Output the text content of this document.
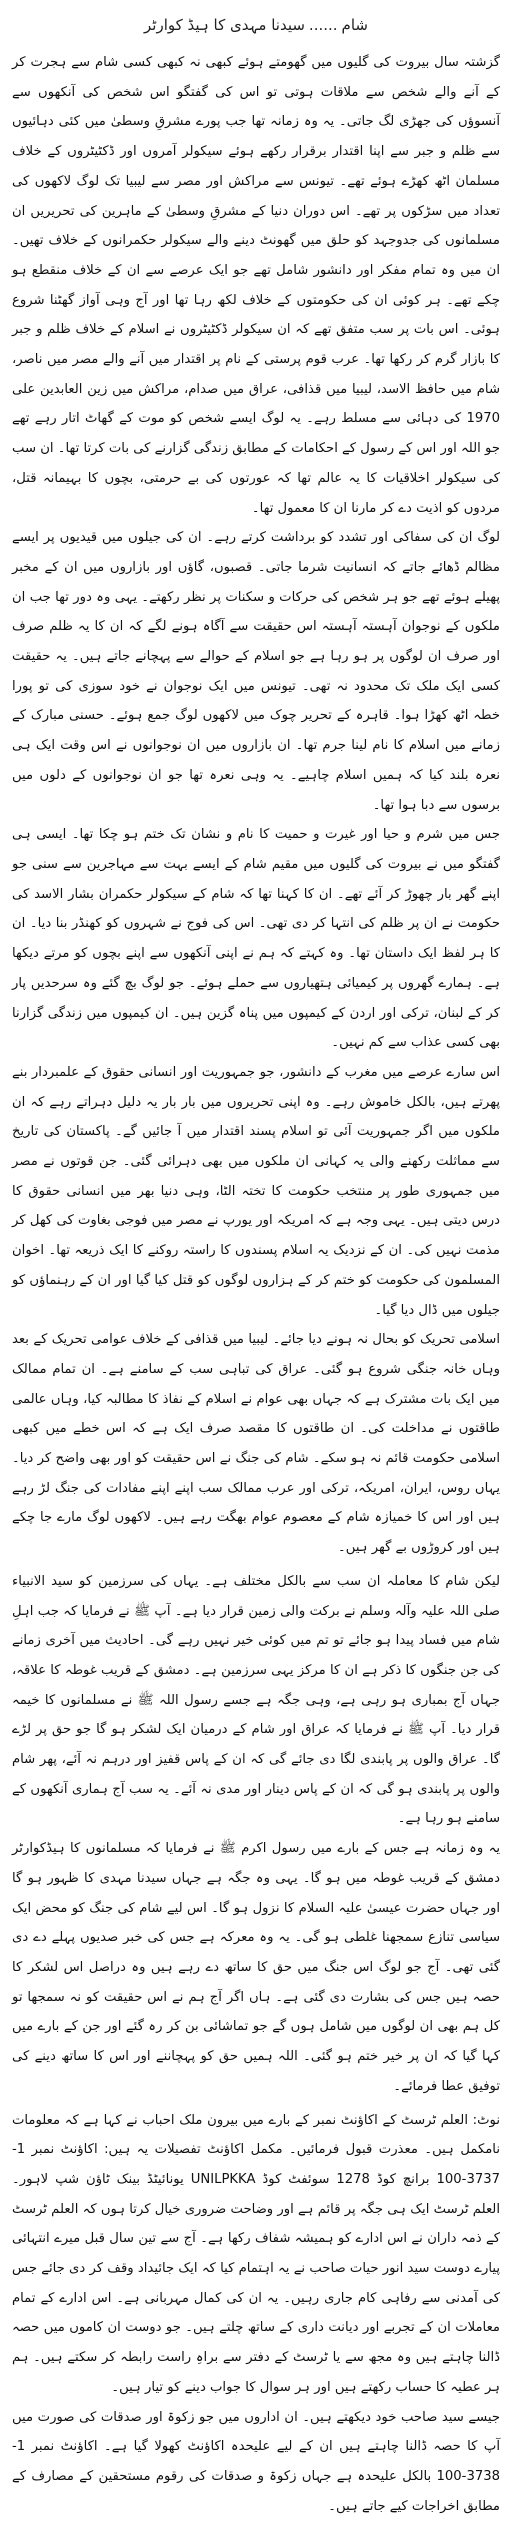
شام......سیدنا مہدی کا ہیڈ کوارٹر

گزشتہ سال بیروت کی گلیوں میں گھومتے ہوئے کبھی نہ کبھی کسی شام سے ہجرت کر کے آنے والے شخص سے ملاقات ہوتی تو اس کی گفتگو اس شخص کی آنکھوں سے آنسوؤں کی جھڑی لگ جاتی۔ یہ وہ زمانہ تھا جب پورے مشرقِ وسطیٰ میں کئی دہائیوں سے ظلم و جبر سے اپنا اقتدار برقرار رکھے ہوئے سیکولر آمروں اور ڈکٹیٹروں کے خلاف مسلمان اٹھ کھڑے ہوئے تھے۔ تیونس سے مراکش اور مصر سے لیبیا تک لوگ لاکھوں کی تعداد میں سڑکوں پر تھے۔ اس دوران دنیا کے مشرقِ وسطیٰ کے ماہرین کی تحریریں ان مسلمانوں کی جدوجہد کو حلق میں گھونٹ دینے والے سیکولر حکمرانوں کے خلاف تھیں۔ ان میں وہ تمام مفکر اور دانشور شامل تھے جو ایک عرصے سے ان کے خلاف منقطع ہو چکے تھے۔ ہر کوئی ان کی حکومتوں کے خلاف لکھ رہا تھا اور آج وہی آواز گھٹنا شروع ہوئی۔ اس بات پر سب متفق تھے کہ ان سیکولر ڈکٹیٹروں نے اسلام کے خلاف ظلم و جبر کا بازار گرم کر رکھا تھا۔ عرب قوم پرستی کے نام پر اقتدار میں آنے والے مصر میں ناصر، شام میں حافظ الاسد، لیبیا میں قذافی، عراق میں صدام، مراکش میں زین العابدین علی 1970 کی دہائی سے مسلط رہے۔ یہ لوگ ایسے شخص کو موت کے گھاٹ اتار رہے تھے جو اللہ اور اس کے رسول کے احکامات کے مطابق زندگی گزارنے کی بات کرتا تھا۔ ان سب کی سیکولر اخلاقیات کا یہ عالم تھا کہ عورتوں کی بے حرمتی، بچوں کا بہیمانہ قتل، مردوں کو اذیت دے کر مارنا ان کا معمول تھا۔

لوگ ان کی سفاکی اور تشدد کو برداشت کرتے رہے۔ ان کی جیلوں میں قیدیوں پر ایسے مظالم ڈھائے جاتے کہ انسانیت شرما جاتی۔ قصبوں، گاؤں اور بازاروں میں ان کے مخبر پھیلے ہوئے تھے جو ہر شخص کی حرکات و سکنات پر نظر رکھتے۔ یہی وہ دور تھا جب ان ملکوں کے نوجوان آہستہ آہستہ اس حقیقت سے آگاہ ہونے لگے کہ ان کا یہ ظلم صرف اور صرف ان لوگوں پر ہو رہا ہے جو اسلام کے حوالے سے پہچانے جاتے ہیں۔ یہ حقیقت کسی ایک ملک تک محدود نہ تھی۔ تیونس میں ایک نوجوان نے خود سوزی کی تو پورا خطہ اٹھ کھڑا ہوا۔ قاہرہ کے تحریر چوک میں لاکھوں لوگ جمع ہوئے۔ حسنی مبارک کے زمانے میں اسلام کا نام لینا جرم تھا۔ ان بازاروں میں ان نوجوانوں نے اس وقت ایک ہی نعرہ بلند کیا کہ ہمیں اسلام چاہیے۔ یہ وہی نعرہ تھا جو ان نوجوانوں کے دلوں میں برسوں سے دبا ہوا تھا۔

جس میں شرم و حیا اور غیرت و حمیت کا نام و نشان تک ختم ہو چکا تھا۔ ایسی ہی گفتگو میں نے بیروت کی گلیوں میں مقیم شام کے ایسے بہت سے مہاجرین سے سنی جو اپنے گھر بار چھوڑ کر آئے تھے۔ ان کا کہنا تھا کہ شام کے سیکولر حکمران بشار الاسد کی حکومت نے ان پر ظلم کی انتہا کر دی تھی۔ اس کی فوج نے شہروں کو کھنڈر بنا دیا۔ ان کا ہر لفظ ایک داستان تھا۔ وہ کہتے کہ ہم نے اپنی آنکھوں سے اپنے بچوں کو مرتے دیکھا ہے۔ ہمارے گھروں پر کیمیائی ہتھیاروں سے حملے ہوئے۔ جو لوگ بچ گئے وہ سرحدیں پار کر کے لبنان، ترکی اور اردن کے کیمپوں میں پناہ گزین ہیں۔ ان کیمپوں میں زندگی گزارنا بھی کسی عذاب سے کم نہیں۔

اس سارے عرصے میں مغرب کے دانشور، جو جمہوریت اور انسانی حقوق کے علمبردار بنے پھرتے ہیں، بالکل خاموش رہے۔ وہ اپنی تحریروں میں بار بار یہ دلیل دہراتے رہے کہ ان ملکوں میں اگر جمہوریت آئی تو اسلام پسند اقتدار میں آ جائیں گے۔ پاکستان کی تاریخ سے مماثلت رکھنے والی یہ کہانی ان ملکوں میں بھی دہرائی گئی۔ جن قوتوں نے مصر میں جمہوری طور پر منتخب حکومت کا تختہ الٹا، وہی دنیا بھر میں انسانی حقوق کا درس دیتی ہیں۔ یہی وجہ ہے کہ امریکہ اور یورپ نے مصر میں فوجی بغاوت کی کھل کر مذمت نہیں کی۔ ان کے نزدیک یہ اسلام پسندوں کا راستہ روکنے کا ایک ذریعہ تھا۔ اخوان المسلمون کی حکومت کو ختم کر کے ہزاروں لوگوں کو قتل کیا گیا اور ان کے رہنماؤں کو جیلوں میں ڈال دیا گیا۔

اسلامی تحریک کو بحال نہ ہونے دیا جائے۔ لیبیا میں قذافی کے خلاف عوامی تحریک کے بعد وہاں خانہ جنگی شروع ہو گئی۔ عراق کی تباہی سب کے سامنے ہے۔ ان تمام ممالک میں ایک بات مشترک ہے کہ جہاں بھی عوام نے اسلام کے نفاذ کا مطالبہ کیا، وہاں عالمی طاقتوں نے مداخلت کی۔ ان طاقتوں کا مقصد صرف ایک ہے کہ اس خطے میں کبھی اسلامی حکومت قائم نہ ہو سکے۔ شام کی جنگ نے اس حقیقت کو اور بھی واضح کر دیا۔ یہاں روس، ایران، امریکہ، ترکی اور عرب ممالک سب اپنے اپنے مفادات کی جنگ لڑ رہے ہیں اور اس کا خمیازہ شام کے معصوم عوام بھگت رہے ہیں۔ لاکھوں لوگ مارے جا چکے ہیں اور کروڑوں بے گھر ہیں۔

لیکن شام کا معاملہ ان سب سے بالکل مختلف ہے۔ یہاں کی سرزمین کو سید الانبیاء صلی اللہ علیہ وآلہ وسلم نے برکت والی زمین قرار دیا ہے۔ آپ ﷺ نے فرمایا کہ جب اہلِ شام میں فساد پیدا ہو جائے تو تم میں کوئی خیر نہیں رہے گی۔ احادیث میں آخری زمانے کی جن جنگوں کا ذکر ہے ان کا مرکز یہی سرزمین ہے۔ دمشق کے قریب غوطہ کا علاقہ، جہاں آج بمباری ہو رہی ہے، وہی جگہ ہے جسے رسول اللہ ﷺ نے مسلمانوں کا خیمہ قرار دیا۔ آپ ﷺ نے فرمایا کہ عراق اور شام کے درمیان ایک لشکر ہو گا جو حق پر لڑے گا۔ عراق والوں پر پابندی لگا دی جائے گی کہ ان کے پاس قفیز اور درہم نہ آئے، پھر شام والوں پر پابندی ہو گی کہ ان کے پاس دینار اور مدی نہ آئے۔ یہ سب آج ہماری آنکھوں کے سامنے ہو رہا ہے۔

یہ وہ زمانہ ہے جس کے بارے میں رسول اکرم ﷺ نے فرمایا کہ مسلمانوں کا ہیڈکوارٹر دمشق کے قریب غوطہ میں ہو گا۔ یہی وہ جگہ ہے جہاں سیدنا مہدی کا ظہور ہو گا اور جہاں حضرت عیسیٰ علیہ السلام کا نزول ہو گا۔ اس لیے شام کی جنگ کو محض ایک سیاسی تنازع سمجھنا غلطی ہو گی۔ یہ وہ معرکہ ہے جس کی خبر صدیوں پہلے دے دی گئی تھی۔ آج جو لوگ اس جنگ میں حق کا ساتھ دے رہے ہیں وہ دراصل اس لشکر کا حصہ ہیں جس کی بشارت دی گئی ہے۔ ہاں اگر آج ہم نے اس حقیقت کو نہ سمجھا تو کل ہم بھی ان لوگوں میں شامل ہوں گے جو تماشائی بن کر رہ گئے اور جن کے بارے میں کہا گیا کہ ان پر خیر ختم ہو گئی۔ اللہ ہمیں حق کو پہچاننے اور اس کا ساتھ دینے کی توفیق عطا فرمائے۔

نوٹ: العلم ٹرسٹ کے اکاؤنٹ نمبر کے بارے میں بیرون ملک احباب نے کہا ہے کہ معلومات نامکمل ہیں۔ معذرت قبول فرمائیں۔ مکمل اکاؤنٹ تفصیلات یہ ہیں: اکاؤنٹ نمبر 1-3737-100 برانچ کوڈ 1278 سوئفٹ کوڈ UNILPKKA یونائیٹڈ بینک ٹاؤن شپ لاہور۔ العلم ٹرسٹ ایک ہی جگہ پر قائم ہے اور وضاحت ضروری خیال کرتا ہوں کہ العلم ٹرسٹ کے ذمہ داران نے اس ادارے کو ہمیشہ شفاف رکھا ہے۔ آج سے تین سال قبل میرے انتہائی پیارے دوست سید انور حیات صاحب نے یہ اہتمام کیا کہ ایک جائیداد وقف کر دی جائے جس کی آمدنی سے رفاہی کام جاری رہیں۔ یہ ان کی کمال مہربانی ہے۔ اس ادارے کے تمام معاملات ان کے تجربے اور دیانت داری کے ساتھ چلتے ہیں۔ جو دوست ان کاموں میں حصہ ڈالنا چاہتے ہیں وہ مجھ سے یا ٹرسٹ کے دفتر سے براہِ راست رابطہ کر سکتے ہیں۔ ہم ہر عطیہ کا حساب رکھتے ہیں اور ہر سوال کا جواب دینے کو تیار ہیں۔

جیسے سید صاحب خود دیکھتے ہیں۔ ان اداروں میں جو زکوۃ اور صدقات کی صورت میں آپ کا حصہ ڈالنا چاہتے ہیں ان کے لیے علیحدہ اکاؤنٹ کھولا گیا ہے۔ اکاؤنٹ نمبر 1-3738-100 بالکل علیحدہ ہے جہاں زکوۃ و صدقات کی رقوم مستحقین کے مصارف کے مطابق اخراجات کیے جاتے ہیں۔
